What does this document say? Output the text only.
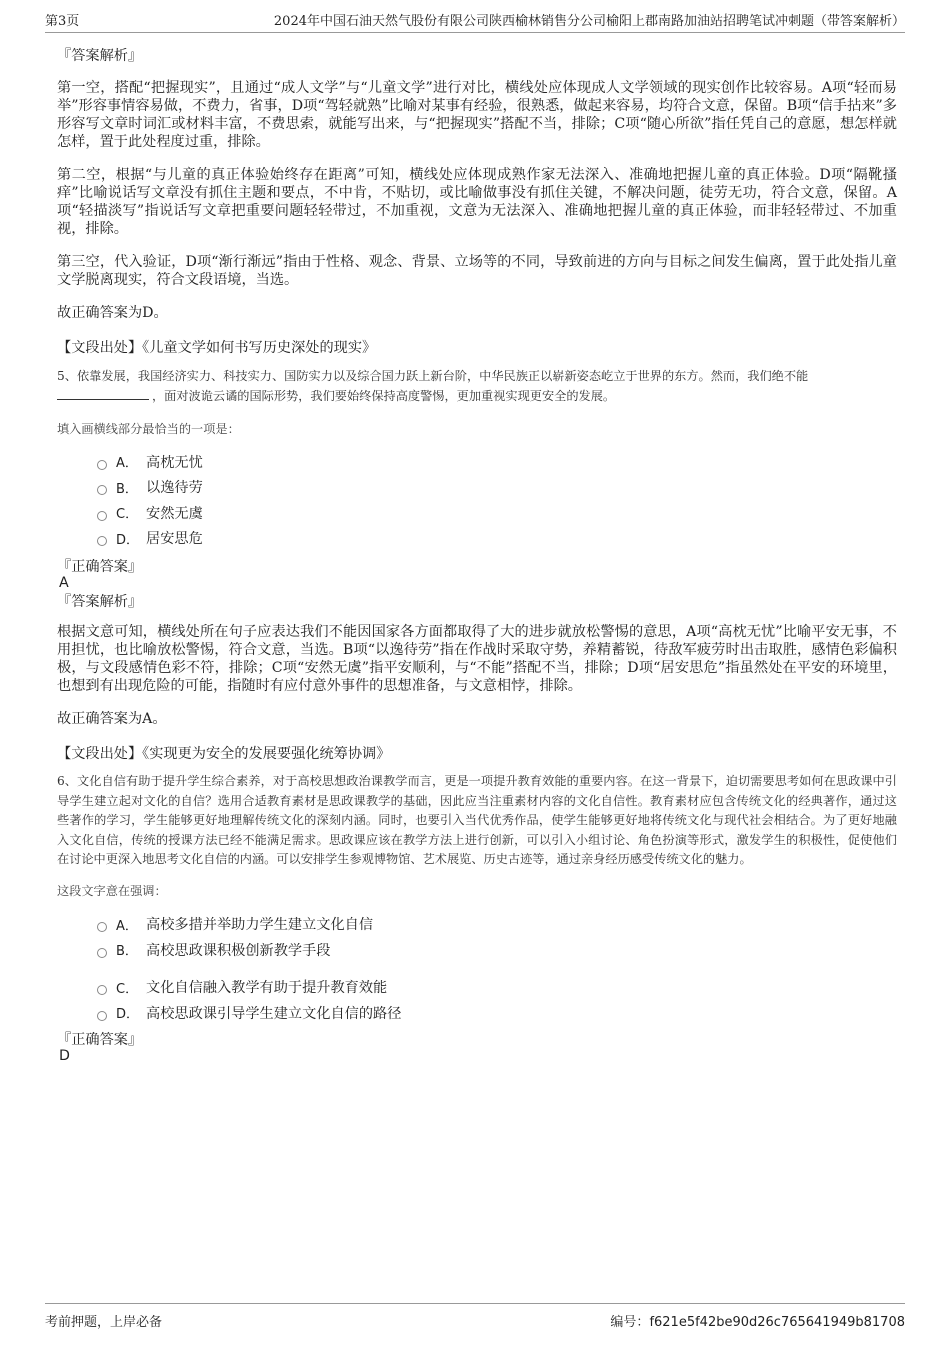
第3页	2024年中国石油天然气股份有限公司陕西榆林销售分公司榆阳上郡南路加油站招聘笔试冲刺题（带答案解析）

『答案解析』

第一空，搭配“把握现实”，且通过“成人文学”与“儿童文学”进行对比，横线处应体现成人文学领域的现实创作比较容易。A项“轻而易举”形容事情容易做，不费力，省事，D项“驾轻就熟”比喻对某事有经验，很熟悉，做起来容易，均符合文意，保留。B项“信手拈来”多形容写文章时词汇或材料丰富，不费思索，就能写出来，与“把握现实”搭配不当，排除；C项“随心所欲”指任凭自己的意愿，想怎样就怎样，置于此处程度过重，排除。

第二空，根据“与儿童的真正体验始终存在距离”可知，横线处应体现成熟作家无法深入、准确地把握儿童的真正体验。D项“隔靴搔痒”比喻说话写文章没有抓住主题和要点，不中肯，不贴切，或比喻做事没有抓住关键，不解决问题，徒劳无功，符合文意，保留。A项“轻描淡写”指说话写文章把重要问题轻轻带过，不加重视，文意为无法深入、准确地把握儿童的真正体验，而非轻轻带过、不加重视，排除。

第三空，代入验证，D项“渐行渐远”指由于性格、观念、背景、立场等的不同，导致前进的方向与目标之间发生偏离，置于此处指儿童文学脱离现实，符合文段语境，当选。

故正确答案为D。

【文段出处】《儿童文学如何书写历史深处的现实》

5、依靠发展，我国经济实力、科技实力、国防实力以及综合国力跃上新台阶，中华民族正以崭新姿态屹立于世界的东方。然而，我们绝不能
，面对波诡云谲的国际形势，我们要始终保持高度警惕，更加重视实现更安全的发展。

填入画横线部分最恰当的一项是：

A． 高枕无忧
B． 以逸待劳
C． 安然无虞
D． 居安思危

『正确答案』

A

『答案解析』

根据文意可知，横线处所在句子应表达我们不能因国家各方面都取得了大的进步就放松警惕的意思，A项“高枕无忧”比喻平安无事，不用担忧，也比喻放松警惕，符合文意，当选。B项“以逸待劳”指在作战时采取守势，养精蓄锐，待敌军疲劳时出击取胜，感情色彩偏积极，与文段感情色彩不符，排除；C项“安然无虞”指平安顺利，与“不能”搭配不当，排除；D项“居安思危”指虽然处在平安的环境里，也想到有出现危险的可能，指随时有应付意外事件的思想准备，与文意相悖，排除。

故正确答案为A。

【文段出处】《实现更为安全的发展要强化统筹协调》

6、文化自信有助于提升学生综合素养，对于高校思想政治课教学而言，更是一项提升教育效能的重要内容。在这一背景下，迫切需要思考如何在思政课中引导学生建立起对文化的自信？选用合适教育素材是思政课教学的基础，因此应当注重素材内容的文化自信性。教育素材应包含传统文化的经典著作，通过这些著作的学习，学生能够更好地理解传统文化的深刻内涵。同时，也要引入当代优秀作品，使学生能够更好地将传统文化与现代社会相结合。为了更好地融入文化自信，传统的授课方法已经不能满足需求。思政课应该在教学方法上进行创新，可以引入小组讨论、角色扮演等形式，激发学生的积极性，促使他们在讨论中更深入地思考文化自信的内涵。可以安排学生参观博物馆、艺术展览、历史古迹等，通过亲身经历感受传统文化的魅力。

这段文字意在强调：

A． 高校多措并举助力学生建立文化自信
B． 高校思政课积极创新教学手段
C． 文化自信融入教学有助于提升教育效能
D． 高校思政课引导学生建立文化自信的路径

『正确答案』

D

考前押题，上岸必备	编号：f621e5f42be90d26c765641949b81708
